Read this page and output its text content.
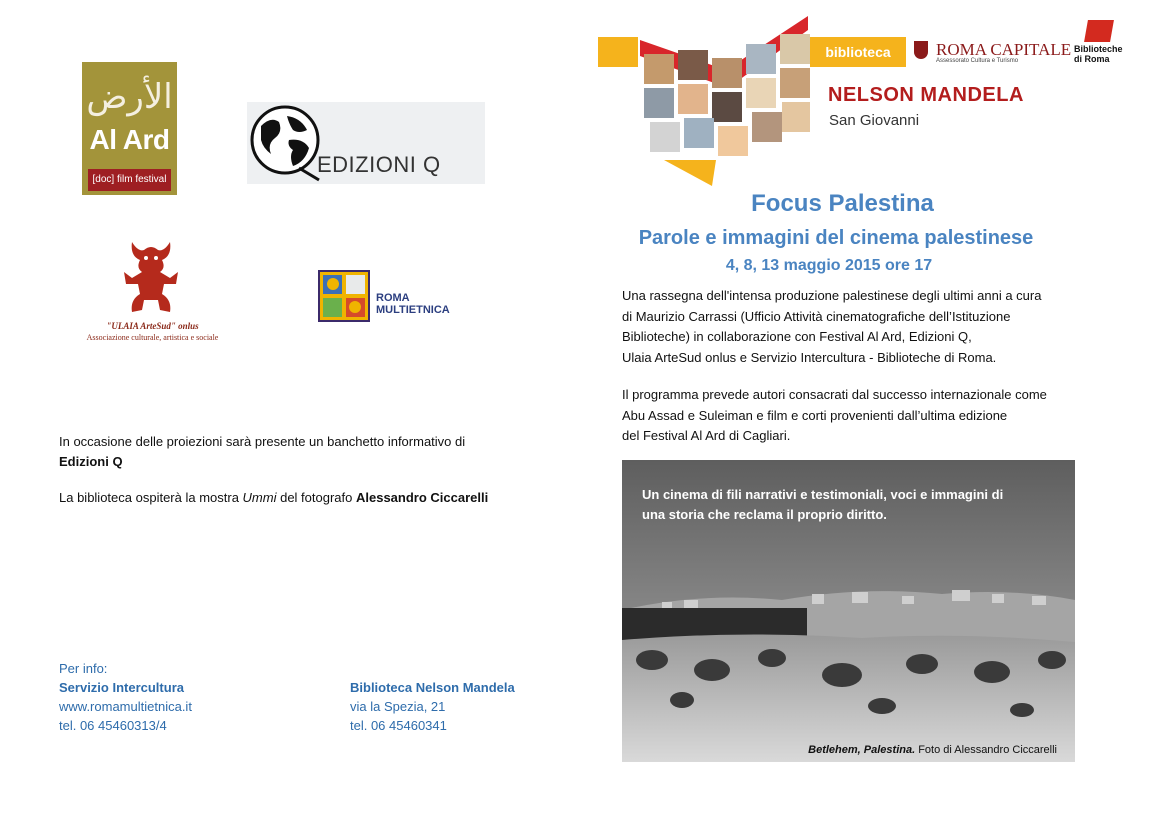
الأرض
Al Ard
[doc] film festival
EDIZIONI Q
"ULAIA ArteSud" onlus
Associazione culturale, artistica e sociale
ROMA
MULTIETNICA
In occasione delle proiezioni sarà presente un banchetto informativo di
Edizioni Q
La biblioteca ospiterà la mostra Ummi del fotografo Alessandro Ciccarelli
Per info:
Servizio Intercultura
www.romamultietnica.it
tel. 06 45460313/4
Biblioteca Nelson Mandela
via la Spezia, 21
tel. 06 45460341
biblioteca	ROMA CAPITALE
Assessorato Cultura e Turismo
Biblioteche
di Roma
NELSON MANDELA
San Giovanni
Focus Palestina
Parole e immagini del cinema palestinese
4, 8, 13 maggio 2015 ore 17
Una rassegna dell'intensa produzione palestinese degli ultimi anni a cura
di Maurizio Carrassi (Ufficio Attività cinematografiche dell’Istituzione
Biblioteche) in collaborazione con Festival Al Ard, Edizioni Q,
Ulaia ArteSud onlus e Servizio Intercultura - Biblioteche di Roma.
Il programma prevede autori consacrati dal successo internazionale come
Abu Assad e Suleiman e film e corti provenienti dall’ultima edizione
del Festival Al Ard di Cagliari.
Un cinema di fili narrativi e testimoniali, voci e immagini di
una storia che reclama il proprio diritto.
Betlehem, Palestina. Foto di Alessandro Ciccarelli
